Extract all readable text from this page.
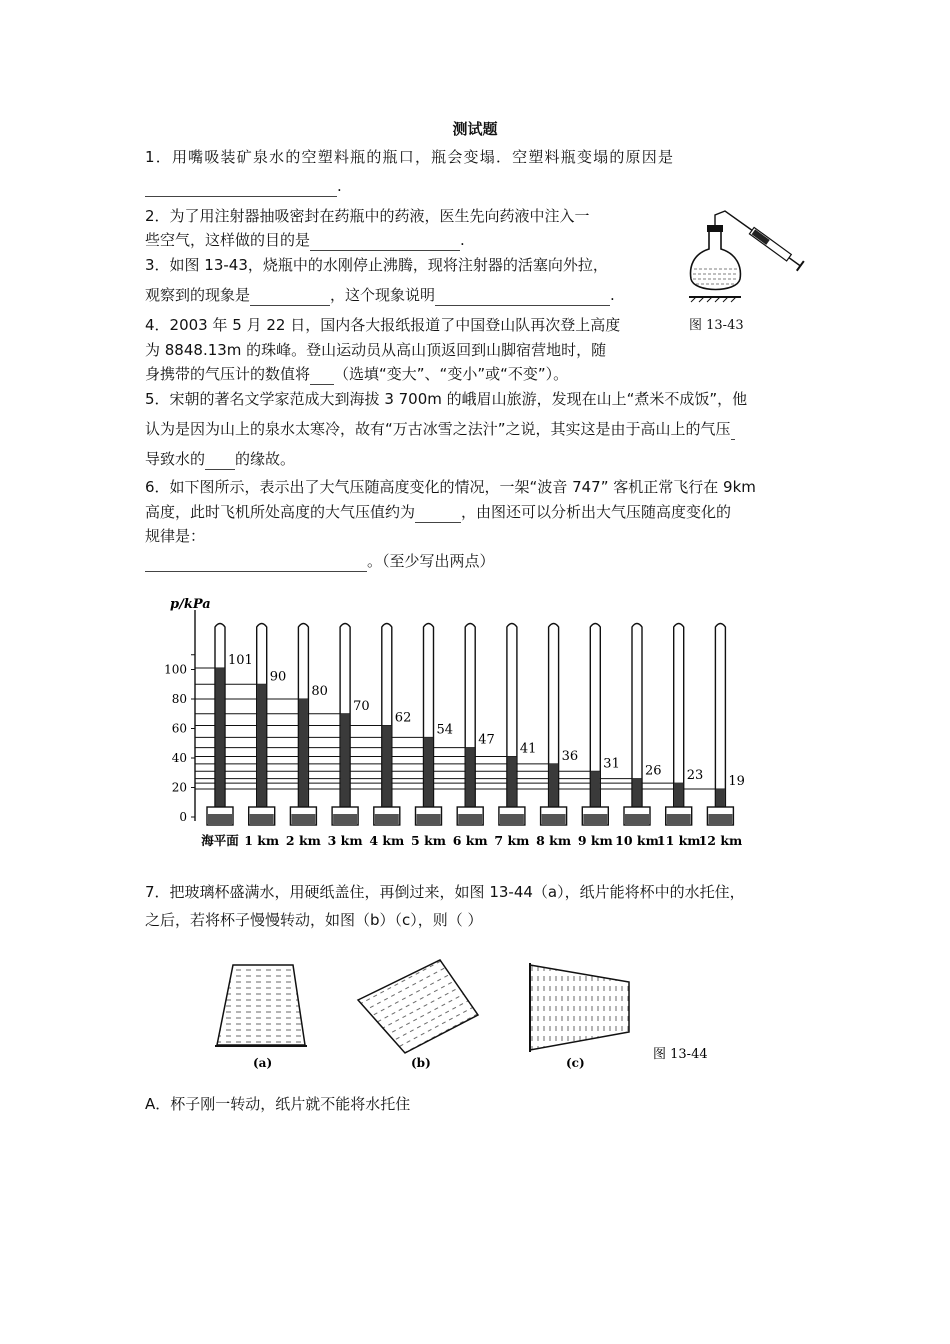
测试题
1．用嘴吸装矿泉水的空塑料瓶的瓶口，瓶会变塌．空塑料瓶变塌的原因是
.
2．为了用注射器抽吸密封在药瓶中的药液，医生先向药液中注入一
些空气，这样做的目的是	.
3．如图 13-43，烧瓶中的水刚停止沸腾，现将注射器的活塞向外拉，
观察到的现象是	，这个现象说明	.
图 13-43
4．2003 年 5 月 22 日，国内各大报纸报道了中国登山队再次登上高度
为 8848.13m 的珠峰。登山运动员从高山顶返回到山脚宿营地时，随
身携带的气压计的数值将 （选填“变大”、“变小”或“不变”）。
5．宋朝的著名文学家范成大到海拔 3 700m 的峨眉山旅游，发现在山上“煮米不成饭”，他
认为是因为山上的泉水太寒冷，故有“万古冰雪之法汁”之说，其实这是由于高山上的气压
导致水的 的缘故。
6．如下图所示，表示出了大气压随高度变化的情况，一架“波音 747” 客机正常飞行在 9km
高度，此时飞机所处高度的大气压值约为	，由图还可以分析出大气压随高度变化的
规律是：
。（至少写出两点）
p/kPa
0
20
40
60
80
100
101
90
80
70
62
54
47
41 36 31 26 23 19
海平面 1 km 2 km 3 km 4 km 5 km 6 km 7 km 8 km 9 km 10 km
11 km
12 km
7．把玻璃杯盛满水，用硬纸盖住，再倒过来，如图 13-44（a），纸片能将杯中的水托住，
之后，若将杯子慢慢转动，如图（b）（c），则（ ）
(a)	(b)	(c)
图 13-44
A．杯子刚一转动，纸片就不能将水托住
